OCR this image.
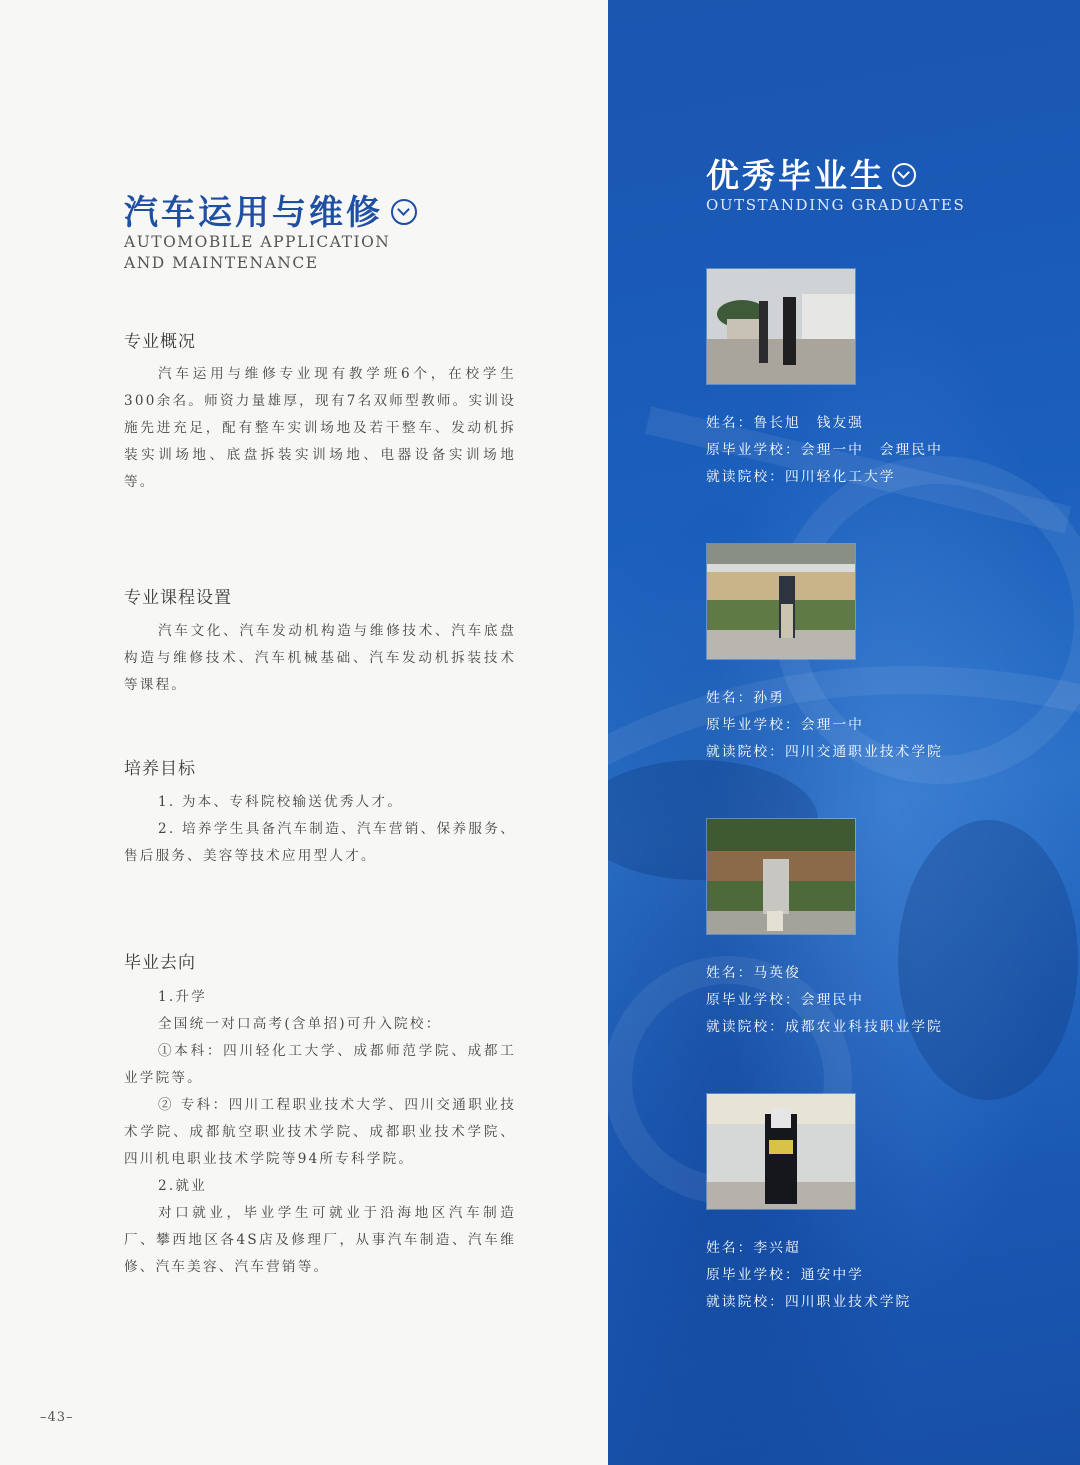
汽车运用与维修
AUTOMOBILE APPLICATION
AND MAINTENANCE
专业概况

汽车运用与维修专业现有教学班6个，在校学生300余名。师资力量雄厚，现有7名双师型教师。实训设施先进充足，配有整车实训场地及若干整车、发动机拆装实训场地、底盘拆装实训场地、电器设备实训场地等。

专业课程设置

汽车文化、汽车发动机构造与维修技术、汽车底盘构造与维修技术、汽车机械基础、汽车发动机拆装技术等课程。

培养目标

1. 为本、专科院校输送优秀人才。

2. 培养学生具备汽车制造、汽车营销、保养服务、售后服务、美容等技术应用型人才。

毕业去向

1.升学

全国统一对口高考(含单招)可升入院校：

①本科：四川轻化工大学、成都师范学院、成都工业学院等。

② 专科：四川工程职业技术大学、四川交通职业技术学院、成都航空职业技术学院、成都职业技术学院、四川机电职业技术学院等94所专科学院。

2.就业

对口就业，毕业学生可就业于沿海地区汽车制造厂、攀西地区各4S店及修理厂，从事汽车制造、汽车维修、汽车美容、汽车营销等。

–43–
优秀毕业生
OUTSTANDING GRADUATES
姓名：鲁长旭　钱友强
原毕业学校：会理一中　会理民中
就读院校：四川轻化工大学
姓名：孙勇
原毕业学校：会理一中
就读院校：四川交通职业技术学院
姓名：马英俊
原毕业学校：会理民中
就读院校：成都农业科技职业学院
姓名：李兴超
原毕业学校：通安中学
就读院校：四川职业技术学院
